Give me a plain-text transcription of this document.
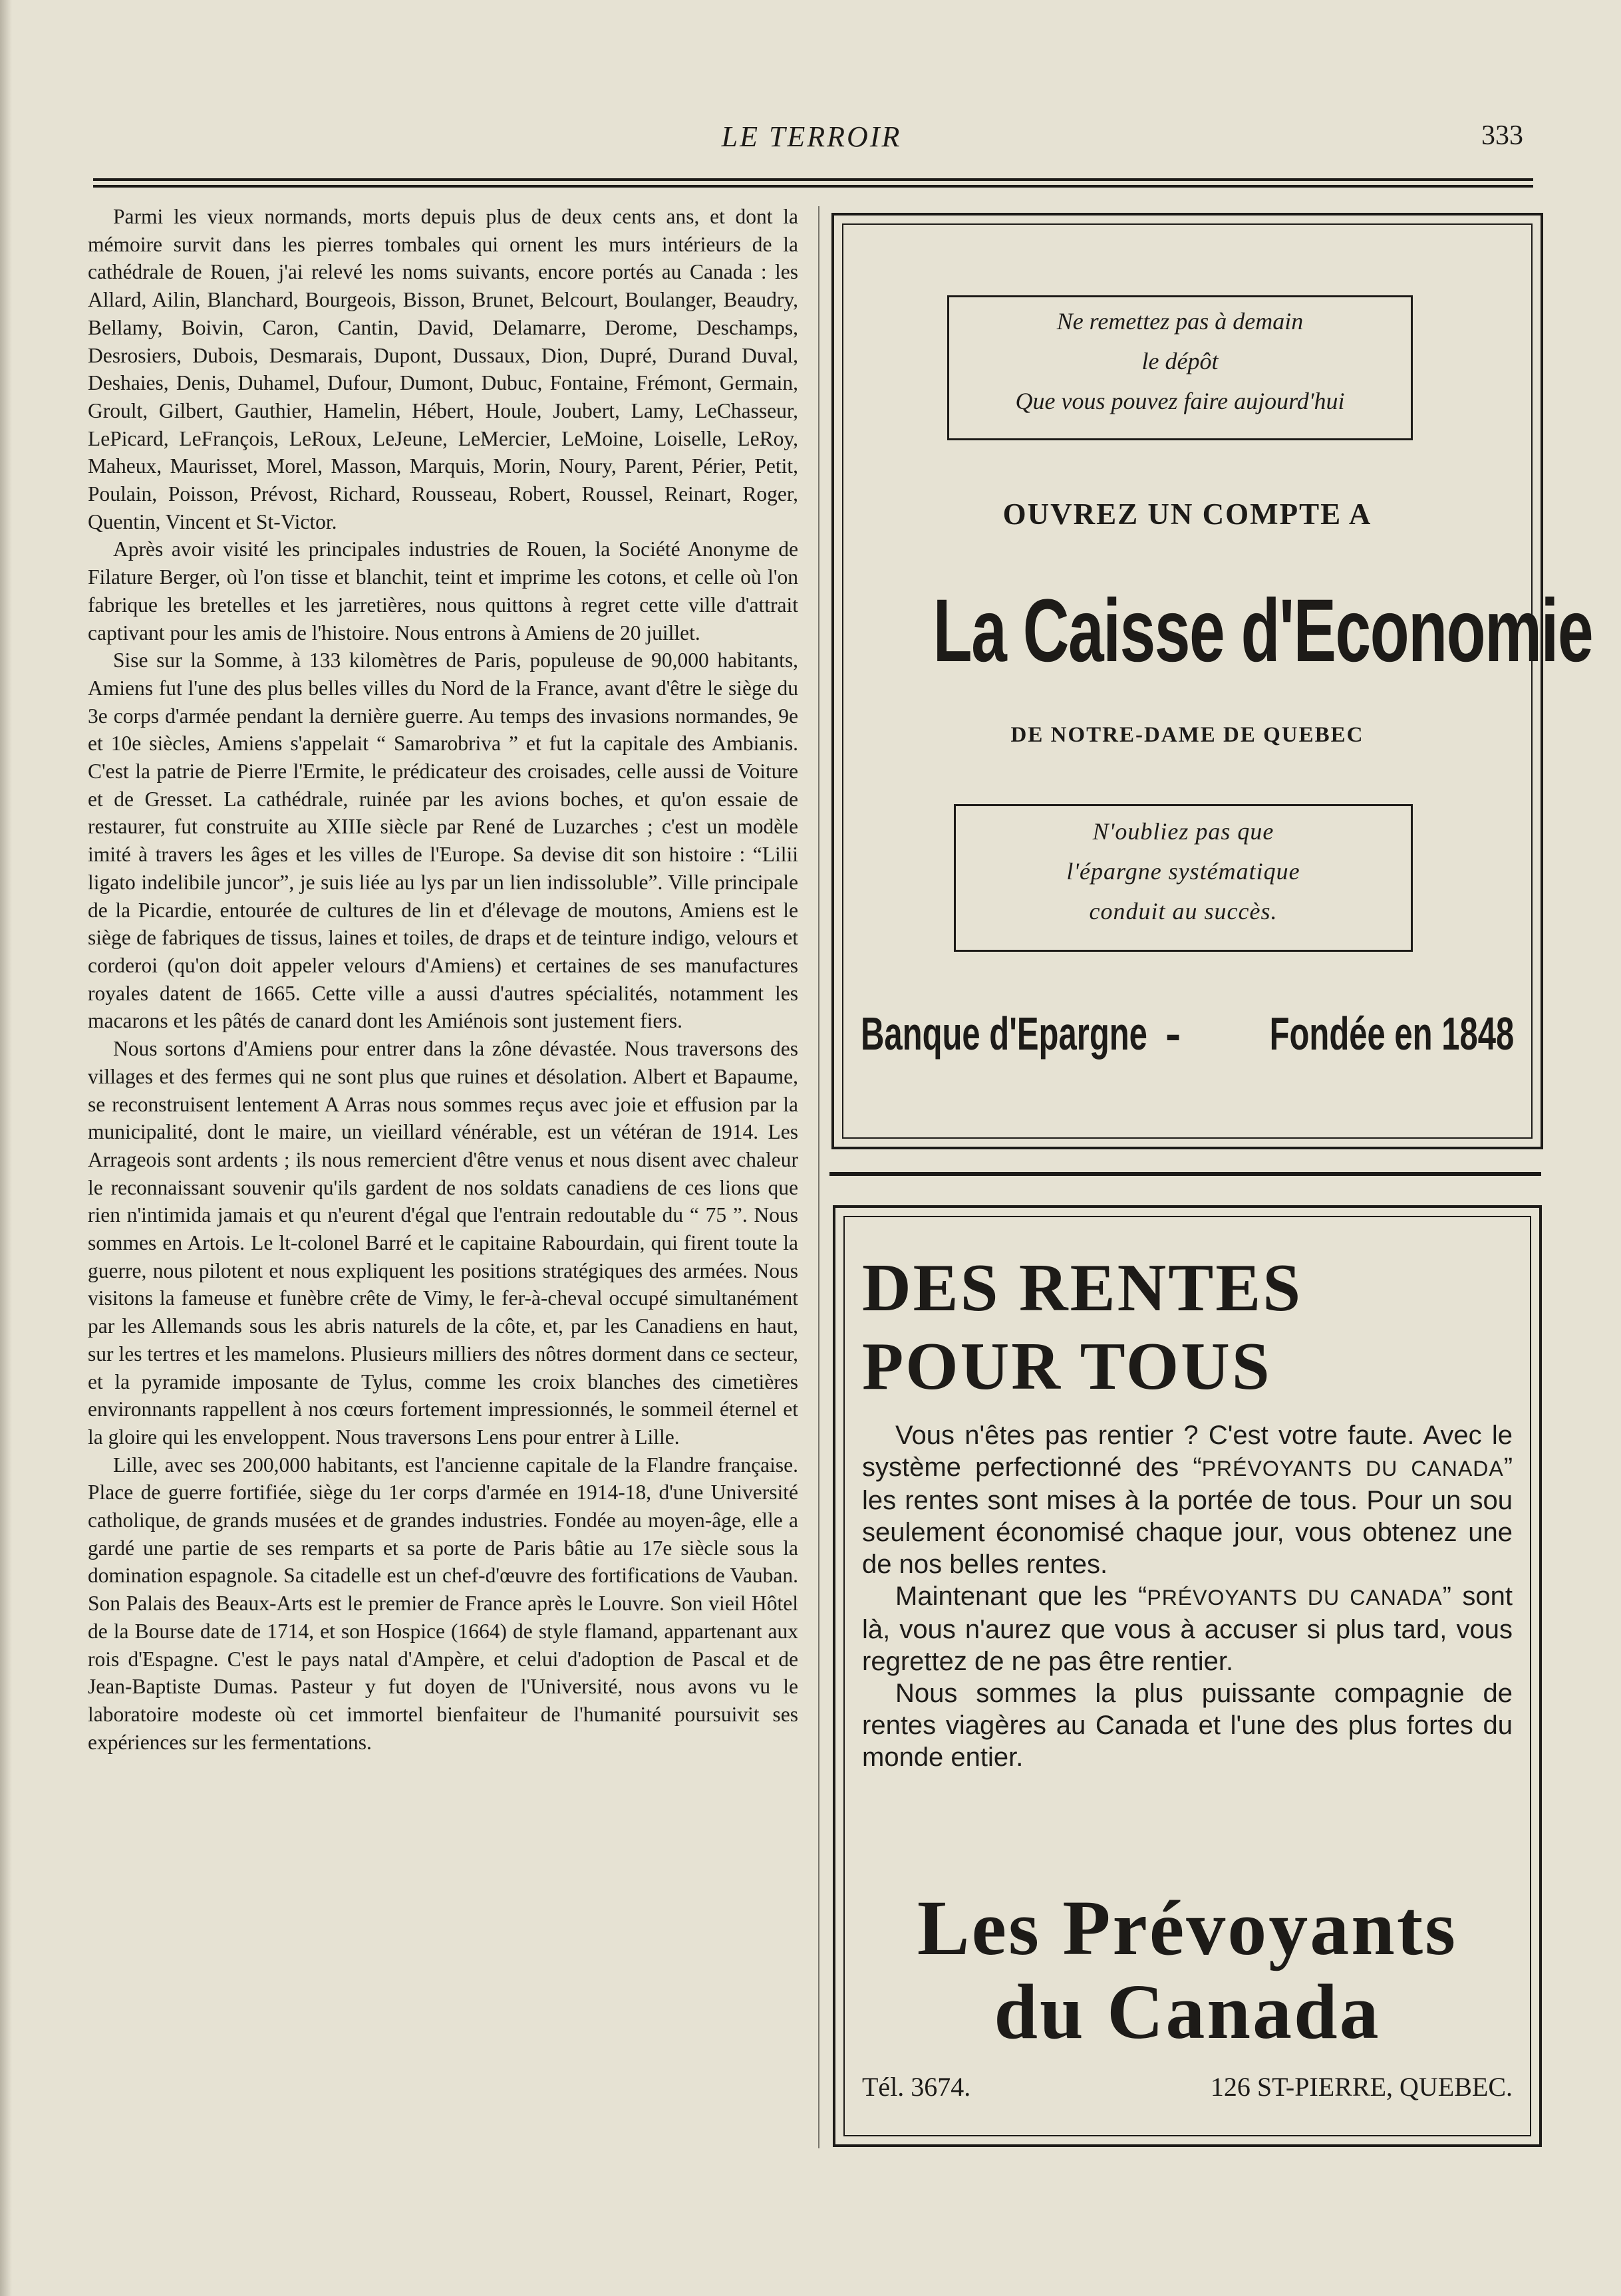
LE TERROIR	333

Parmi les vieux normands, morts depuis plus de deux cents ans, et dont la mémoire survit dans les pierres tombales qui ornent les murs intérieurs de la cathédrale de Rouen, j'ai relevé les noms suivants, encore portés au Canada : les Allard, Ailin, Blanchard, Bourgeois, Bisson, Brunet, Belcourt, Boulanger, Beaudry, Bellamy, Boivin, Caron, Cantin, David, Delamarre, Derome, Deschamps, Desrosiers, Dubois, Desmarais, Dupont, Dussaux, Dion, Dupré, Durand Duval, Deshaies, Denis, Duhamel, Dufour, Dumont, Dubuc, Fontaine, Frémont, Germain, Groult, Gilbert, Gauthier, Hamelin, Hébert, Houle, Joubert, Lamy, LeChasseur, LePicard, LeFrançois, LeRoux, LeJeune, LeMercier, LeMoine, Loiselle, LeRoy, Maheux, Maurisset, Morel, Masson, Marquis, Morin, Noury, Parent, Périer, Petit, Poulain, Poisson, Prévost, Richard, Rousseau, Robert, Roussel, Reinart, Roger, Quentin, Vincent et St-Victor.

Après avoir visité les principales industries de Rouen, la Société Anonyme de Filature Berger, où l'on tisse et blanchit, teint et imprime les cotons, et celle où l'on fabrique les bretelles et les jarretières, nous quittons à regret cette ville d'attrait captivant pour les amis de l'histoire. Nous entrons à Amiens de 20 juillet.

Sise sur la Somme, à 133 kilomètres de Paris, populeuse de 90,000 habitants, Amiens fut l'une des plus belles villes du Nord de la France, avant d'être le siège du 3e corps d'armée pendant la dernière guerre. Au temps des invasions normandes, 9e et 10e siècles, Amiens s'appelait “ Samarobriva ” et fut la capitale des Ambianis. C'est la patrie de Pierre l'Ermite, le prédicateur des croisades, celle aussi de Voiture et de Gresset. La cathédrale, ruinée par les avions boches, et qu'on essaie de restaurer, fut construite au XIIIe siècle par René de Luzarches ; c'est un modèle imité à travers les âges et les villes de l'Europe. Sa devise dit son histoire : “Lilii ligato indelibile juncor”, je suis liée au lys par un lien indissoluble”. Ville principale de la Picardie, entourée de cultures de lin et d'élevage de moutons, Amiens est le siège de fabriques de tissus, laines et toiles, de draps et de teinture indigo, velours et corderoi (qu'on doit appeler velours d'Amiens) et certaines de ses manufactures royales datent de 1665. Cette ville a aussi d'autres spécialités, notamment les macarons et les pâtés de canard dont les Amiénois sont justement fiers.

Nous sortons d'Amiens pour entrer dans la zône dévastée. Nous traversons des villages et des fermes qui ne sont plus que ruines et désolation. Albert et Bapaume, se reconstruisent lentement A Arras nous sommes reçus avec joie et effusion par la municipalité, dont le maire, un vieillard vénérable, est un vétéran de 1914. Les Arrageois sont ardents ; ils nous remercient d'être venus et nous disent avec chaleur le reconnaissant souvenir qu'ils gardent de nos soldats canadiens de ces lions que rien n'intimida jamais et qu n'eurent d'égal que l'entrain redoutable du “ 75 ”. Nous sommes en Artois. Le lt-colonel Barré et le capitaine Rabourdain, qui firent toute la guerre, nous pilotent et nous expliquent les positions stratégiques des armées. Nous visitons la fameuse et funèbre crête de Vimy, le fer-à-cheval occupé simultanément par les Allemands sous les abris naturels de la côte, et, par les Canadiens en haut, sur les tertres et les mamelons. Plusieurs milliers des nôtres dorment dans ce secteur, et la pyramide imposante de Tylus, comme les croix blanches des cimetières environnants rappellent à nos cœurs fortement impressionnés, le sommeil éternel et la gloire qui les enveloppent. Nous traversons Lens pour entrer à Lille.

Lille, avec ses 200,000 habitants, est l'ancienne capitale de la Flandre française. Place de guerre fortifiée, siège du 1er corps d'armée en 1914-18, d'une Université catholique, de grands musées et de grandes industries. Fondée au moyen-âge, elle a gardé une partie de ses remparts et sa porte de Paris bâtie au 17e siècle sous la domination espagnole. Sa citadelle est un chef-d'œuvre des fortifications de Vauban. Son Palais des Beaux-Arts est le premier de France après le Louvre. Son vieil Hôtel de la Bourse date de 1714, et son Hospice (1664) de style flamand, appartenant aux rois d'Espagne. C'est le pays natal d'Ampère, et celui d'adoption de Pascal et de Jean-Baptiste Dumas. Pasteur y fut doyen de l'Université, nous avons vu le laboratoire modeste où cet immortel bienfaiteur de l'humanité poursuivit ses expériences sur les fermentations.

Ne remettez pas à demain
le dépôt
Que vous pouvez faire aujourd'hui
OUVREZ UN COMPTE A
La Caisse d'Economie
DE NOTRE-DAME DE QUEBEC
N'oubliez pas que
l'épargne systématique
conduit au succès.
Banque d'Epargne - Fondée en 1848
DES RENTES
POUR TOUS

Vous n'êtes pas rentier ? C'est votre faute. Avec le système perfectionné des “PRÉVOYANTS DU CANADA” les rentes sont mises à la portée de tous. Pour un sou seulement économisé chaque jour, vous obtenez une de nos belles rentes.

Maintenant que les “PRÉVOYANTS DU CANADA” sont là, vous n'aurez que vous à accuser si plus tard, vous regrettez de ne pas être rentier.

Nous sommes la plus puissante compagnie de rentes viagères au Canada et l'une des plus fortes du monde entier.

Les Prévoyants
du Canada
Tél. 3674.	126 ST-PIERRE, QUEBEC.
